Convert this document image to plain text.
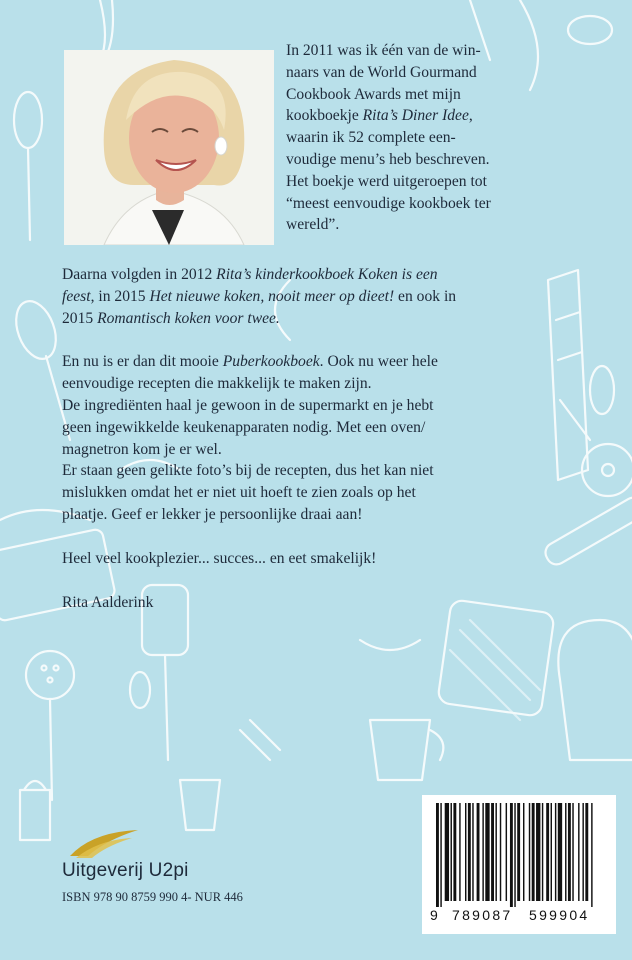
In 2011 was ik één van de win-

naars van de World Gourmand

Cookbook Awards met mijn

kookboekje Rita’s Diner Idee,

waarin ik 52 complete een-

voudige menu’s heb beschreven.

Het boekje werd uitgeroepen tot

“meest eenvoudige kookboek ter

wereld”.

Daarna volgden in 2012 Rita’s kinderkookboek Koken is een

feest, in 2015 Het nieuwe koken, nooit meer op dieet! en ook in

2015 Romantisch koken voor twee.

En nu is er dan dit mooie Puberkookboek. Ook nu weer hele

eenvoudige recepten die makkelijk te maken zijn.

De ingrediënten haal je gewoon in de supermarkt en je hebt

geen ingewikkelde keukenapparaten nodig. Met een oven/

magnetron kom je er wel.

Er staan geen gelikte foto’s bij de recepten, dus het kan niet

mislukken omdat het er niet uit hoeft te zien zoals op het

plaatje. Geef er lekker je persoonlijke draai aan!

Heel veel kookplezier... succes... en eet smakelijk!

Rita Aalderink

Uitgeverij U2pi
ISBN 978 90 8759 990 4- NUR 446
9 789087 599904
